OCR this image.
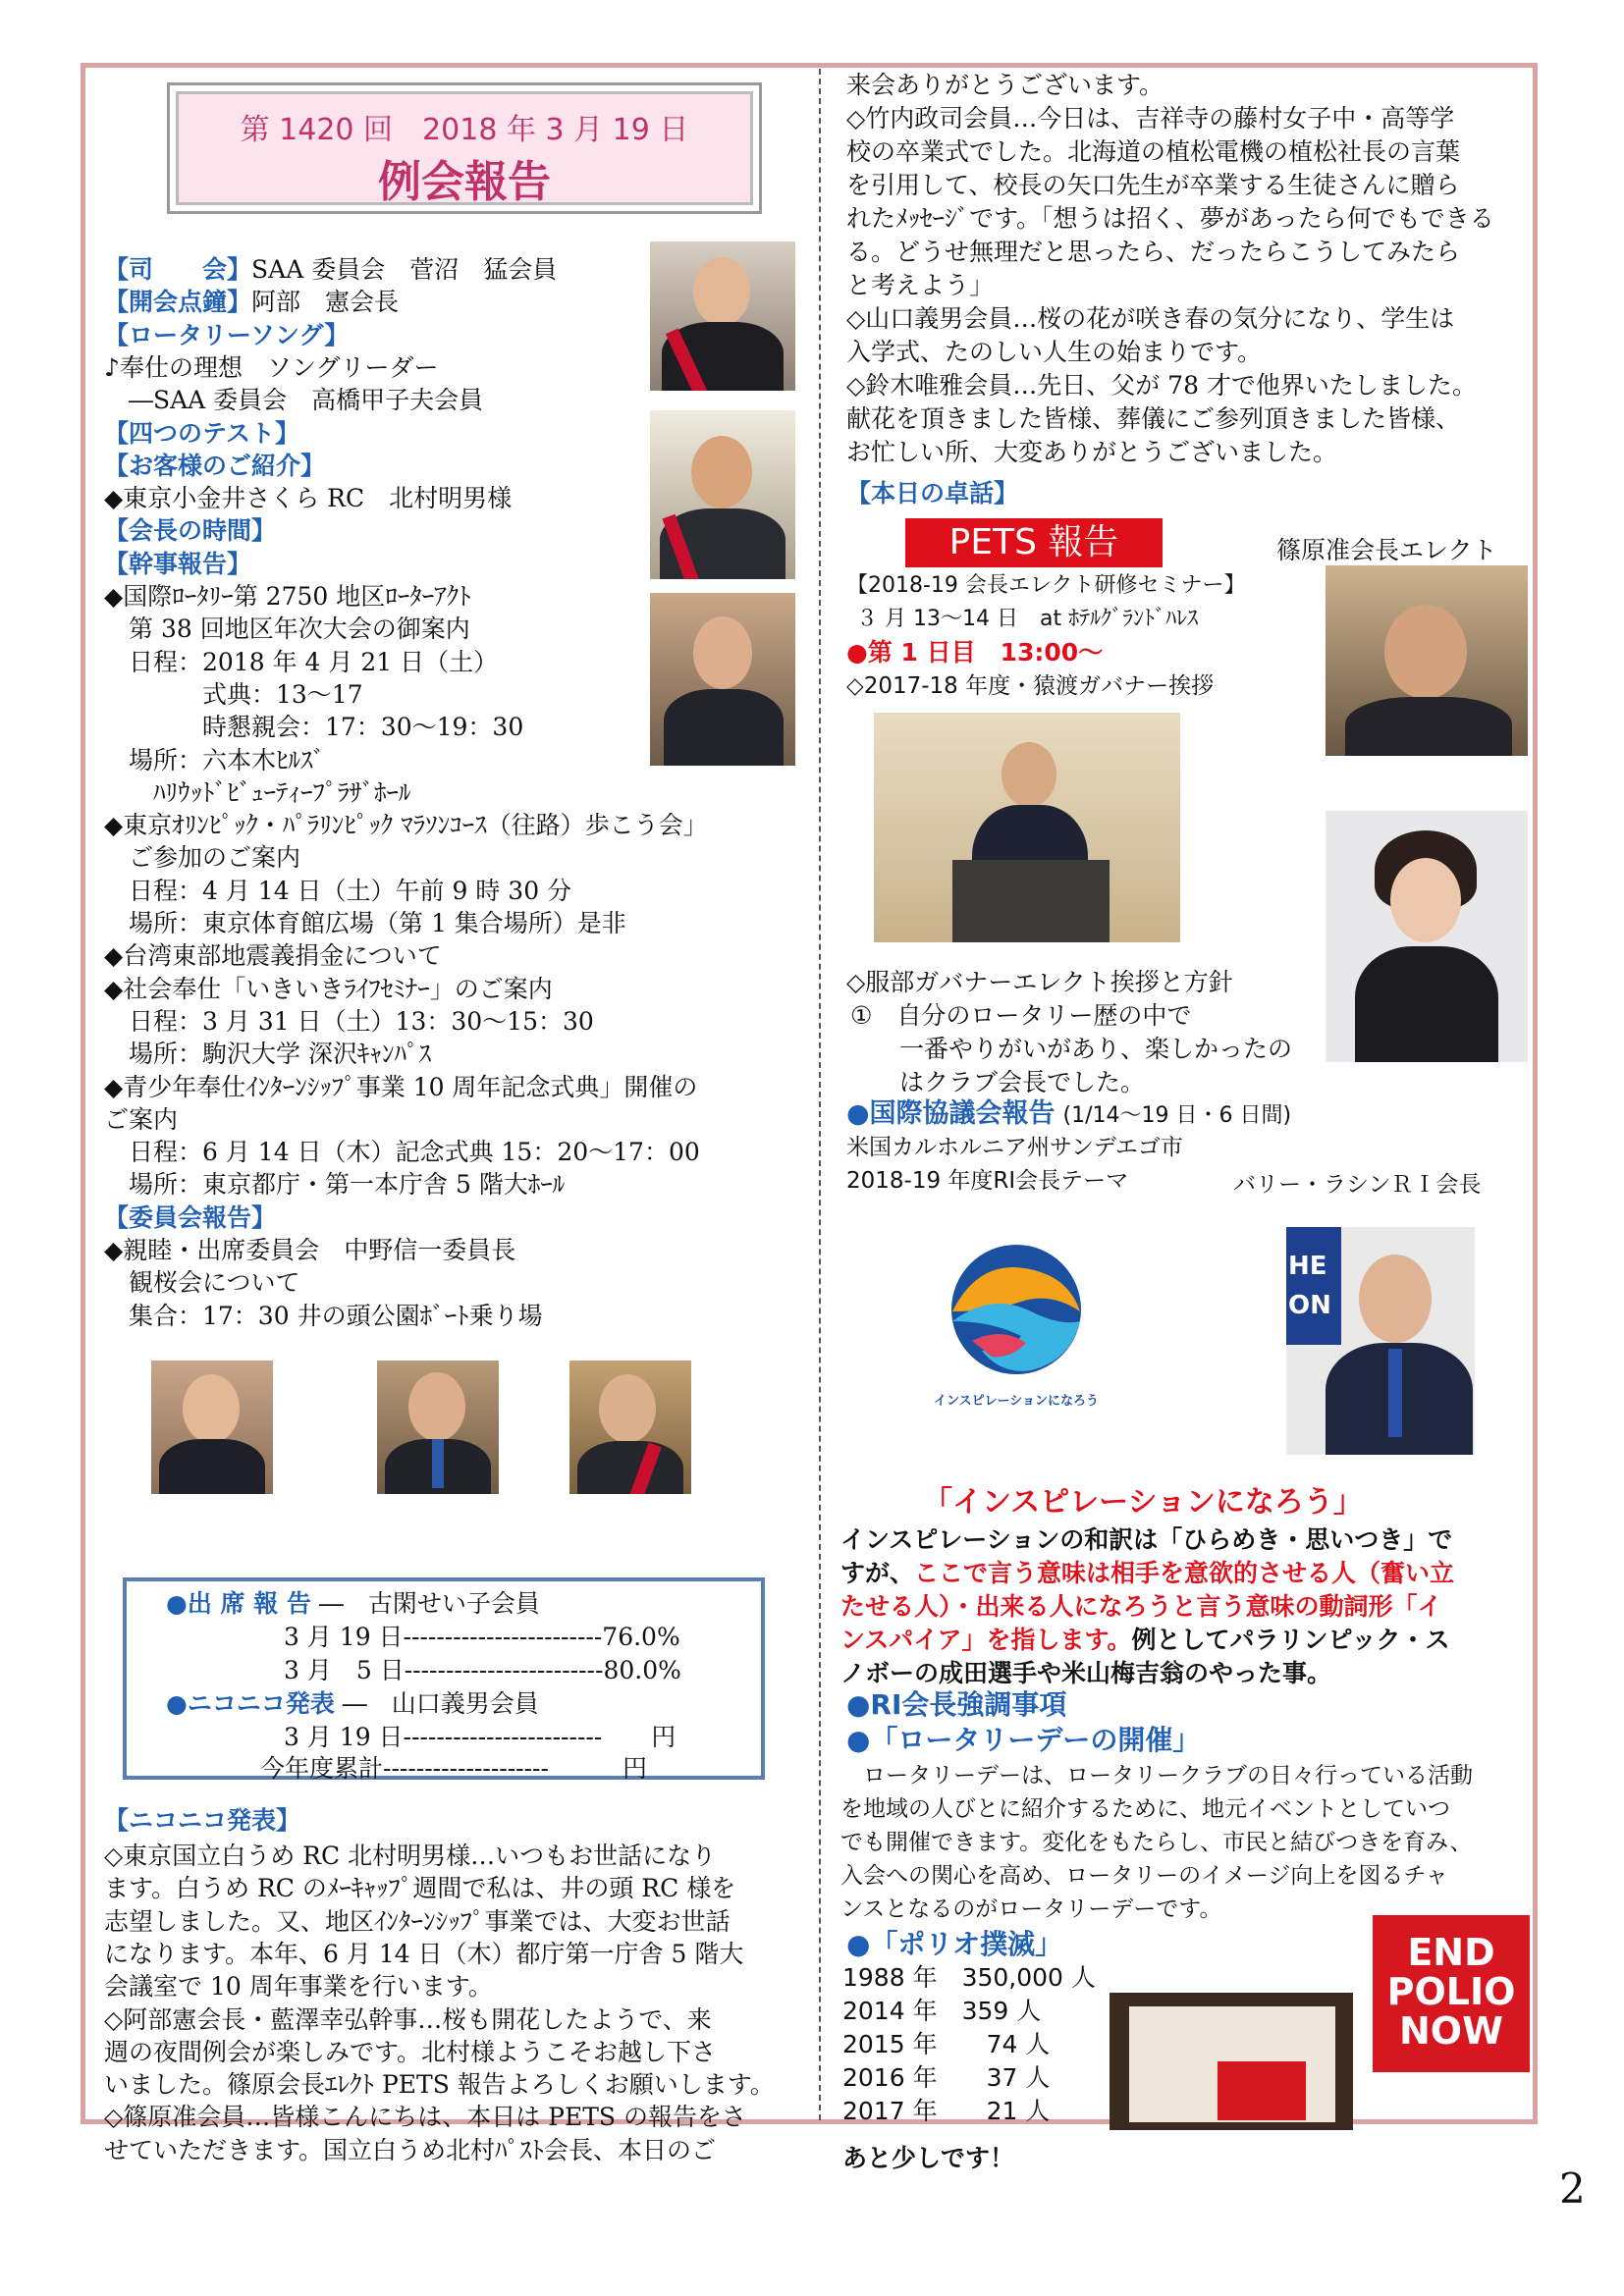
第 1420 回　2018 年 3 月 19 日
例会報告
【司　　会】SAA 委員会　菅沼　猛会員
【開会点鐘】阿部　憲会長
【ロータリーソング】
♪奉仕の理想　ソングリーダー
　―SAA 委員会　高橋甲子夫会員
【四つのテスト】
【お客様のご紹介】
◆東京小金井さくら RC　北村明男様
【会長の時間】
【幹事報告】
◆国際ﾛｰﾀﾘｰ第 2750 地区ﾛｰﾀｰｱｸﾄ
　第 38 回地区年次大会の御案内
　日程：2018 年 4 月 21 日（土）
　　　　式典：13～17
　　　　時懇親会：17：30～19：30
　場所：六本木ﾋﾙｽﾞ
　　ﾊﾘｳｯﾄﾞﾋﾞｭｰﾃｨｰﾌﾟﾗｻﾞﾎｰﾙ
◆東京ｵﾘﾝﾋﾟｯｸ・ﾊﾟﾗﾘﾝﾋﾟｯｸ ﾏﾗｿﾝｺｰｽ（往路）歩こう会」
　ご参加のご案内
　日程：4 月 14 日（土）午前 9 時 30 分
　場所：東京体育館広場（第 1 集合場所）是非
◆台湾東部地震義捐金について
◆社会奉仕「いきいきﾗｲﾌｾﾐﾅｰ」のご案内
　日程：3 月 31 日（土）13：30～15：30
　場所：駒沢大学 深沢ｷｬﾝﾊﾟｽ
◆青少年奉仕ｲﾝﾀｰﾝｼｯﾌﾟ事業 10 周年記念式典」開催の
ご案内
　日程：6 月 14 日（木）記念式典 15：20～17：00
　場所：東京都庁・第一本庁舎 5 階大ﾎｰﾙ
【委員会報告】
◆親睦・出席委員会　中野信一委員長
　観桜会について
　集合：17：30 井の頭公園ﾎﾞｰﾄ乗り場
●出 席 報 告 ―　古閑せい子会員
3 月 19 日------------------------76.0%
3 月　5 日------------------------80.0%
●ニコニコ発表 ―　山口義男会員
3 月 19 日------------------------　　円
今年度累計--------------------　　　円
【ニコニコ発表】
◇東京国立白うめ RC 北村明男様…いつもお世話になり
ます。白うめ RC のﾒｰｷｬｯﾌﾟ週間で私は、井の頭 RC 様を
志望しました。又、地区ｲﾝﾀｰﾝｼｯﾌﾟ事業では、大変お世話
になります。本年、6 月 14 日（木）都庁第一庁舎 5 階大
会議室で 10 周年事業を行います。
◇阿部憲会長・藍澤幸弘幹事…桜も開花したようで、来
週の夜間例会が楽しみです。北村様ようこそお越し下さ
いました。篠原会長ｴﾚｸﾄ PETS 報告よろしくお願いします。
◇篠原准会員…皆様こんにちは、本日は PETS の報告をさ
せていただきます。国立白うめ北村ﾊﾟｽﾄ会長、本日のご
来会ありがとうございます。
◇竹内政司会員…今日は、吉祥寺の藤村女子中・高等学
校の卒業式でした。北海道の植松電機の植松社長の言葉
を引用して、校長の矢口先生が卒業する生徒さんに贈ら
れたﾒｯｾｰｼﾞです。「想うは招く、夢があったら何でもできる
る。どうせ無理だと思ったら、だったらこうしてみたら
と考えよう」
◇山口義男会員…桜の花が咲き春の気分になり、学生は
入学式、たのしい人生の始まりです。
◇鈴木唯雅会員…先日、父が 78 才で他界いたしました。
献花を頂きました皆様、葬儀にご参列頂きました皆様、
お忙しい所、大変ありがとうございました。
【本日の卓話】
PETS 報告	篠原准会長エレクト
【2018-19 会長エレクト研修セミナー】
３ 月 13～14 日　at ﾎﾃﾙｸﾞﾗﾝﾄﾞﾊﾚｽ
●第 1 日目　13:00～
◇2017-18 年度・猿渡ガバナー挨拶
◇服部ガバナーエレクト挨拶と方針
①　自分のロータリー歴の中で
　　一番やりがいがあり、楽しかったの
　　はクラブ会長でした。
●国際協議会報告 (1/14～19 日・6 日間)
米国カルホルニア州サンデエゴ市
2018-19 年度RI会長テーマ	バリー・ラシンＲＩ会長
インスピレーションになろう
HE
ON
「インスピレーションになろう」
インスピレーションの和訳は「ひらめき・思いつき」で
すが、ここで言う意味は相手を意欲的させる人（奮い立
たせる人）・出来る人になろうと言う意味の動詞形「イ
ンスパイア」を指します。例としてパラリンピック・ス
ノボーの成田選手や米山梅吉翁のやった事。
●RI会長強調事項
●「ロータリーデーの開催」
　ロータリーデーは、ロータリークラブの日々行っている活動
を地域の人びとに紹介するために、地元イベントとしていつ
でも開催できます。変化をもたらし、市民と結びつきを育み、
入会への関心を高め、ロータリーのイメージ向上を図るチャ
ンスとなるのがロータリーデーです。
●「ポリオ撲滅」
1988 年　350,000 人
2014 年　359 人
2015 年　　74 人
2016 年　　37 人
2017 年　　21 人
あと少しです！
END
POLIO
NOW
2
